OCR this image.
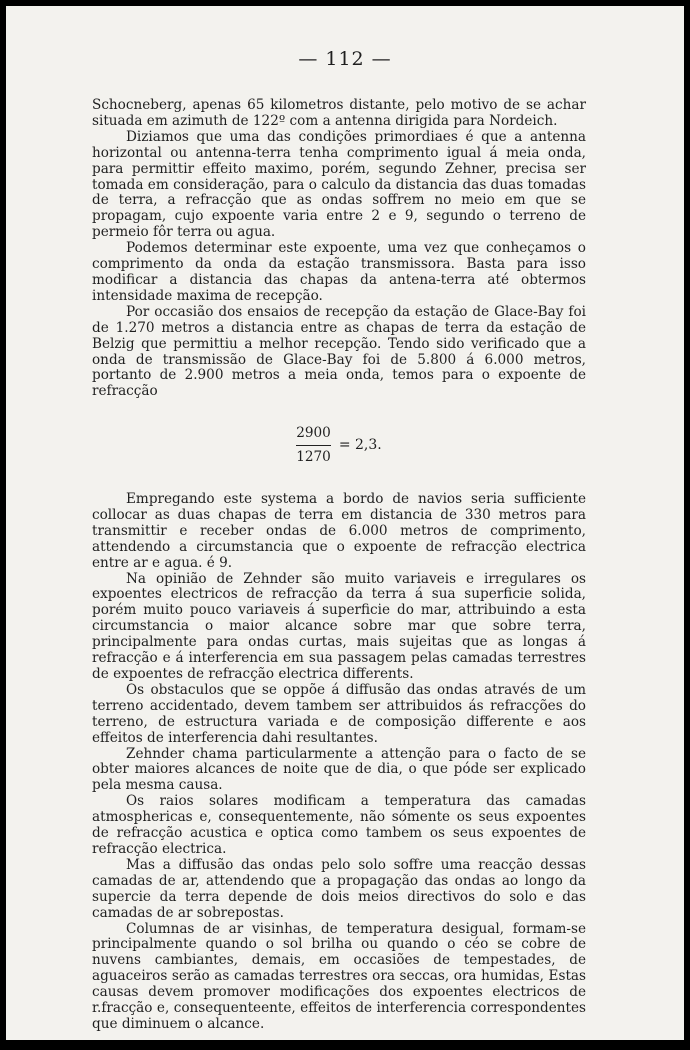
— 112 —

Schocneberg, apenas 65 kilometros distante, pelo motivo de se achar situada em azimuth de 122º com a antenna dirigida para Nordeich.

Diziamos que uma das condições primordiaes é que a antenna horizontal ou antenna-terra tenha comprimento igual á meia onda, para permittir effeito maximo, porém, segundo Zehner, precisa ser tomada em consideração, para o calculo da distancia das duas tomadas de terra, a refracção que as ondas soffrem no meio em que se propagam, cujo expoente varia entre 2 e 9, segundo o terreno de permeio fôr terra ou agua.

Podemos determinar este expoente, uma vez que conheçamos o comprimento da onda da estação transmissora. Basta para isso modificar a distancia das chapas da antena-terra até obtermos intensidade maxima de recepção.

Por occasião dos ensaios de recepção da estação de Glace-Bay foi de 1.270 metros a distancia entre as chapas de terra da estação de Belzig que permittiu a melhor recepção. Tendo sido verificado que a onda de transmissão de Glace-Bay foi de 5.800 á 6.000 metros, portanto de 2.900 metros a meia onda, temos para o expoente de refracção

$\frac{2900}{1270} = 2,3$.

Empregando este systema a bordo de navios seria sufficiente collocar as duas chapas de terra em distancia de 330 metros para transmittir e receber ondas de 6.000 metros de comprimento, attendendo a circumstancia que o expoente de refracção electrica entre ar e agua. é 9.

Na opinião de Zehnder são muito variaveis e irregulares os expoentes electricos de refracção da terra á sua superficie solida, porém muito pouco variaveis á superficie do mar, attribuindo a esta circumstancia o maior alcance sobre mar que sobre terra, principalmente para ondas curtas, mais sujeitas que as longas á refracção e á interferencia em sua passagem pelas camadas terrestres de expoentes de refracção electrica differents.

Os obstaculos que se oppõe á diffusão das ondas através de um terreno accidentado, devem tambem ser attribuidos ás refracções do terreno, de estructura variada e de composição differente e aos effeitos de interferencia dahi resultantes.

Zehnder chama particularmente a attenção para o facto de se obter maiores alcances de noite que de dia, o que póde ser explicado pela mesma causa.

Os raios solares modificam a temperatura das camadas atmosphericas e, consequentemente, não sómente os seus expoentes de refracção acustica e optica como tambem os seus expoentes de refracção electrica.

Mas a diffusão das ondas pelo solo soffre uma reacção dessas camadas de ar, attendendo que a propagação das ondas ao longo da supercie da terra depende de dois meios directivos do solo e das camadas de ar sobrepostas.

Columnas de ar visinhas, de temperatura desigual, formam-se principalmente quando o sol brilha ou quando o céo se cobre de nuvens cambiantes, demais, em occasiões de tempestades, de aguaceiros serão as camadas terrestres ora seccas, ora humidas, Estas causas devem promover modificações dos expoentes electricos de r.fracção e, consequenteente, effeitos de interferencia correspondentes que diminuem o alcance.
